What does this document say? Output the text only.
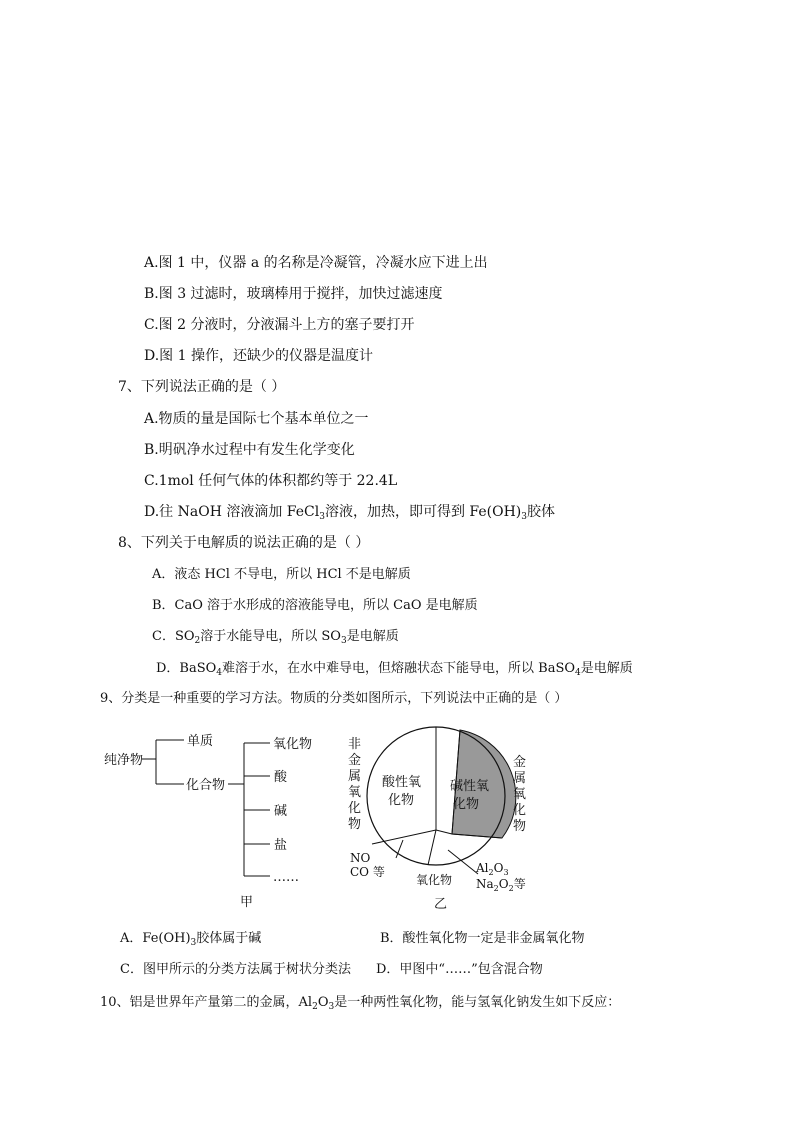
A.图 1 中，仪器 a 的名称是冷凝管，冷凝水应下进上出
B.图 3 过滤时，玻璃棒用于搅拌，加快过滤速度
C.图 2 分液时，分液漏斗上方的塞子要打开
D.图 1 操作，还缺少的仪器是温度计
7、下列说法正确的是（ ）
A.物质的量是国际七个基本单位之一
B.明矾净水过程中有发生化学变化
C.1mol 任何气体的体积都约等于 22.4L
D.往 NaOH 溶液滴加 FeCl$_3$溶液，加热，即可得到 $Fe(OH)_3$胶体
8、下列关于电解质的说法正确的是（ ）
A．液态 HCl 不导电，所以 HCl 不是电解质
B．CaO 溶于水形成的溶液能导电，所以 CaO 是电解质
C．$SO_2$溶于水能导电，所以 $SO_3$是电解质
D．BaSO$_4$难溶于水，在水中难导电，但熔融状态下能导电，所以 BaSO$_4$是电解质
9、分类是一种重要的学习方法。物质的分类如图所示，下列说法中正确的是（ ）
纯净物
单质
化合物
氧化物
酸
碱
盐
……
甲
非金属氧化物
金属氧化物
酸性氧
化物
碱性氧
化物
NO
CO 等
氧化物
$Al_2O_3$
$Na_2O_2$等
乙
A．$Fe(OH)_3$胶体属于碱	B．酸性氧化物一定是非金属氧化物
C．图甲所示的分类方法属于树状分类法 D．甲图中“……”包含混合物
10、铝是世界年产量第二的金属，$Al_2O_3$是一种两性氧化物，能与氢氧化钠发生如下反应：
